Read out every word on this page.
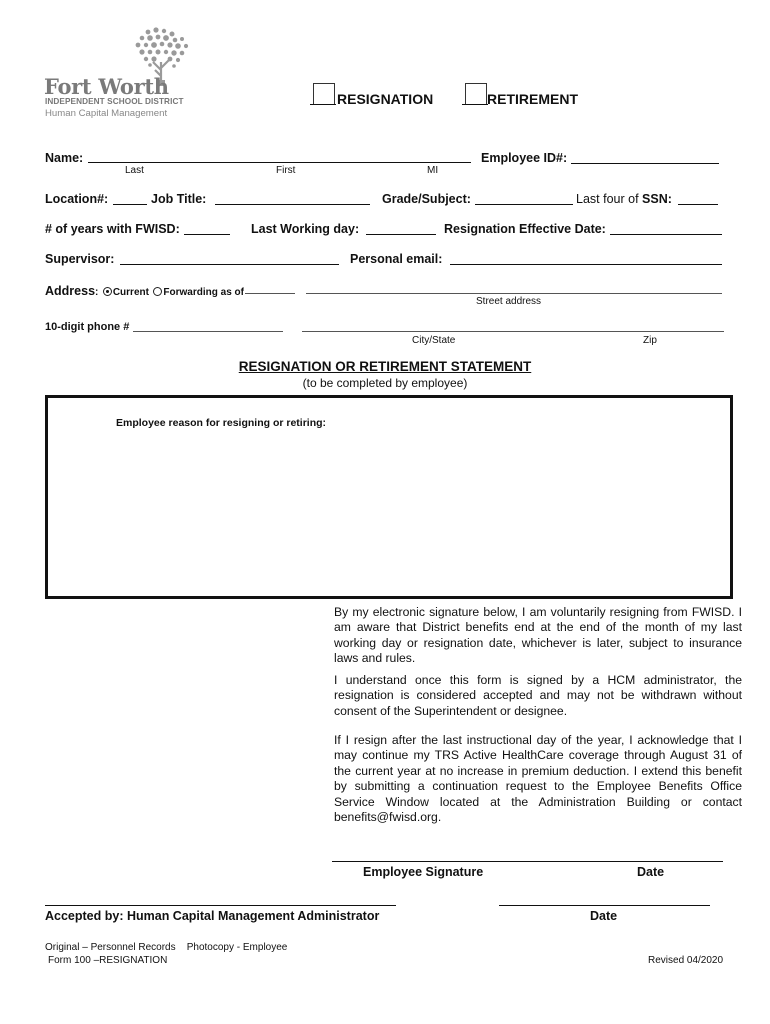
Fort Worth
INDEPENDENT SCHOOL DISTRICT
Human Capital Management
RESIGNATION	RETIREMENT
Name:
Last	First	MI
Employee ID#:
Location#:	Job Title:	Grade/Subject:	Last four of SSN:
# of years with FWISD:	Last Working day:	Resignation Effective Date:
Supervisor:	Personal email:
Address: Current Forwarding as of
Street address
10-digit phone #
City/State	Zip
RESIGNATION OR RETIREMENT STATEMENT
(to be completed by employee)
Employee reason for resigning or retiring:
By my electronic signature below, I am voluntarily resigning from FWISD. I am aware that District benefits end at the end of the month of my last working day or resignation date, whichever is later, subject to insurance laws and rules.
I understand once this form is signed by a HCM administrator, the resignation is considered accepted and may not be withdrawn without consent of the Superintendent or designee.
If I resign after the last instructional day of the year, I acknowledge that I may continue my TRS Active HealthCare coverage through August 31 of the current year at no increase in premium deduction. I extend this benefit by submitting a continuation request to the Employee Benefits Office Service Window located at the Administration Building or contact benefits@fwisd.org.
Employee Signature	Date
Accepted by: Human Capital Management Administrator	Date
Original – Personnel Records    Photocopy - Employee
Form 100 –RESIGNATION	Revised 04/2020
